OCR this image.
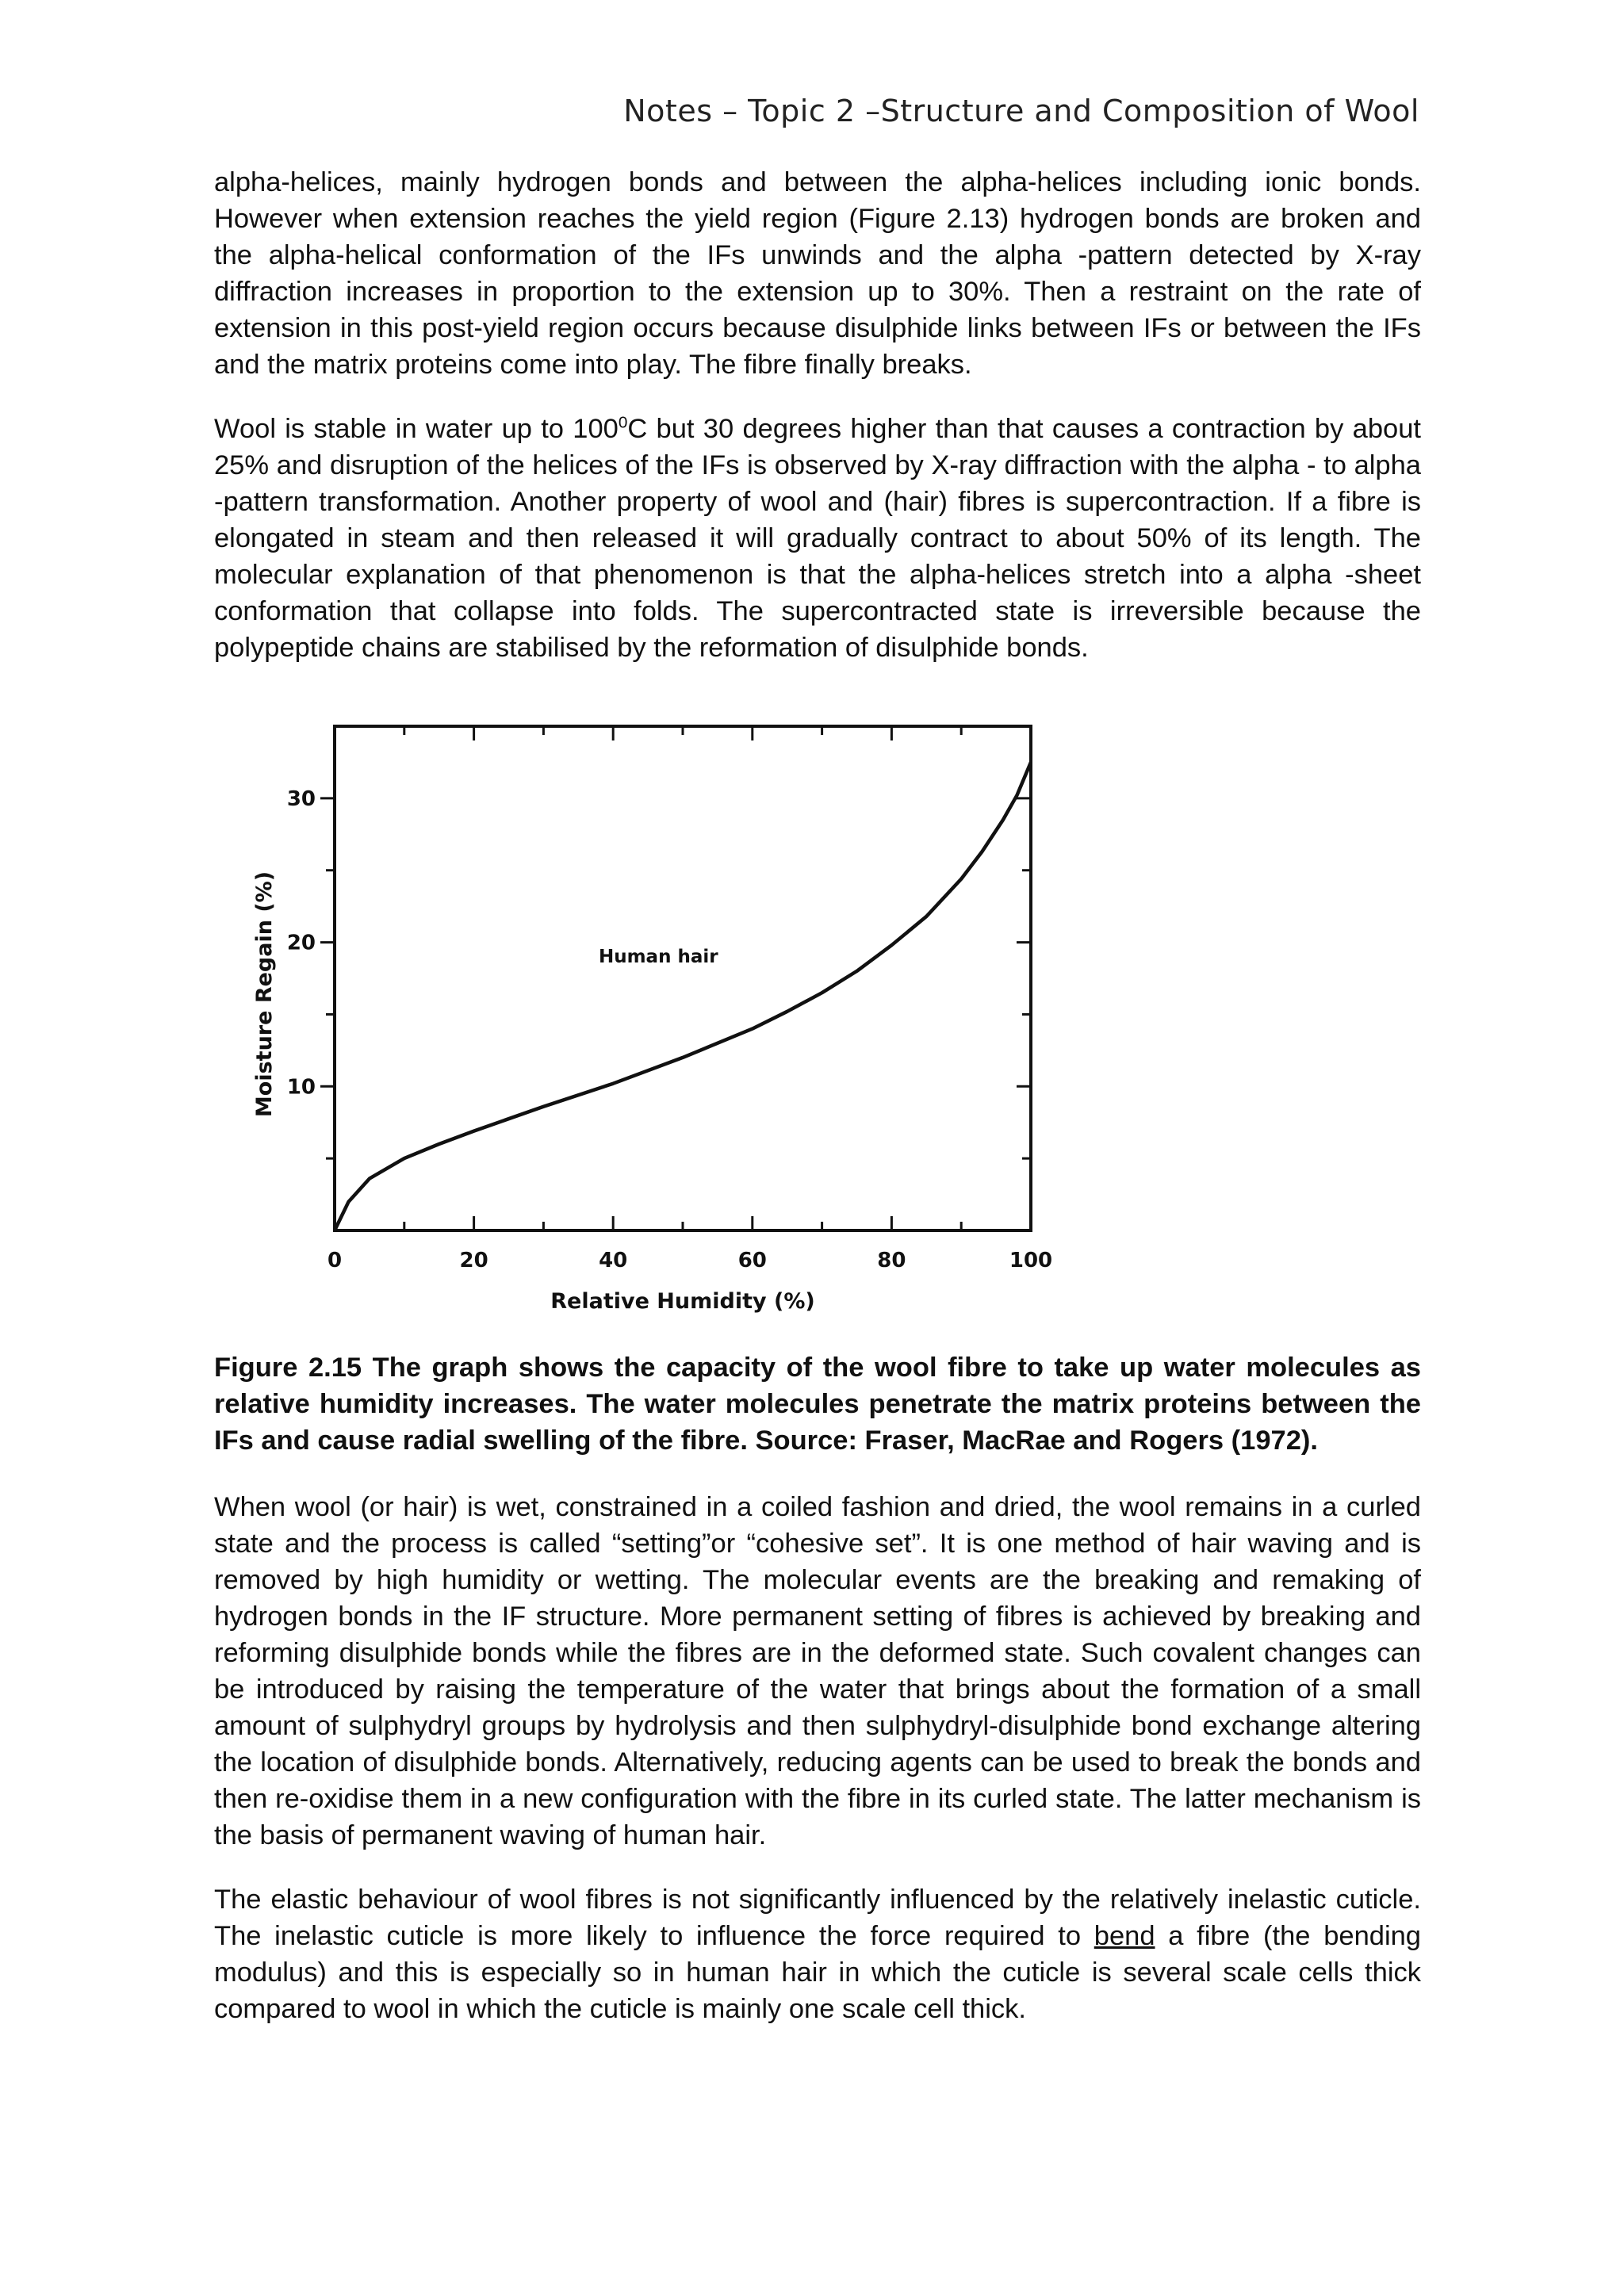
Notes – Topic 2 –Structure and Composition of Wool

alpha-helices, mainly hydrogen bonds and between the alpha-helices including ionic bonds. However when extension reaches the yield region (Figure 2.13) hydrogen bonds are broken and the alpha-helical conformation of the IFs unwinds and the alpha -pattern detected by X-ray diffraction increases in proportion to the extension up to 30%. Then a restraint on the rate of extension in this post-yield region occurs because disulphide links between IFs or between the IFs and the matrix proteins come into play. The fibre finally breaks.

Wool is stable in water up to $100^0C$ but 30 degrees higher than that causes a contraction by about 25% and disruption of the helices of the IFs is observed by X-ray diffraction with the alpha - to alpha -pattern transformation. Another property of wool and (hair) fibres is supercontraction. If a fibre is elongated in steam and then released it will gradually contract to about 50% of its length. The molecular explanation of that phenomenon is that the alpha-helices stretch into a alpha -sheet conformation that collapse into folds. The supercontracted state is irreversible because the polypeptide chains are stabilised by the reformation of disulphide bonds.

0	20	40	60	80	100
10
20
30
Relative Humidity (%)
Moisture Regain (%)	Human hair

Figure 2.15 The graph shows the capacity of the wool fibre to take up water molecules as relative humidity increases. The water molecules penetrate the matrix proteins between the IFs and cause radial swelling of the fibre. Source: Fraser, MacRae and Rogers (1972).

When wool (or hair) is wet, constrained in a coiled fashion and dried, the wool remains in a curled state and the process is called “setting”or “cohesive set”. It is one method of hair waving and is removed by high humidity or wetting. The molecular events are the breaking and remaking of hydrogen bonds in the IF structure. More permanent setting of fibres is achieved by breaking and reforming disulphide bonds while the fibres are in the deformed state. Such covalent changes can be introduced by raising the temperature of the water that brings about the formation of a small amount of sulphydryl groups by hydrolysis and then sulphydryl-disulphide bond exchange altering the location of disulphide bonds. Alternatively, reducing agents can be used to break the bonds and then re-oxidise them in a new configuration with the fibre in its curled state. The latter mechanism is the basis of permanent waving of human hair.

The elastic behaviour of wool fibres is not significantly influenced by the relatively inelastic cuticle. The inelastic cuticle is more likely to influence the force required to bend a fibre (the bending modulus) and this is especially so in human hair in which the cuticle is several scale cells thick compared to wool in which the cuticle is mainly one scale cell thick.
